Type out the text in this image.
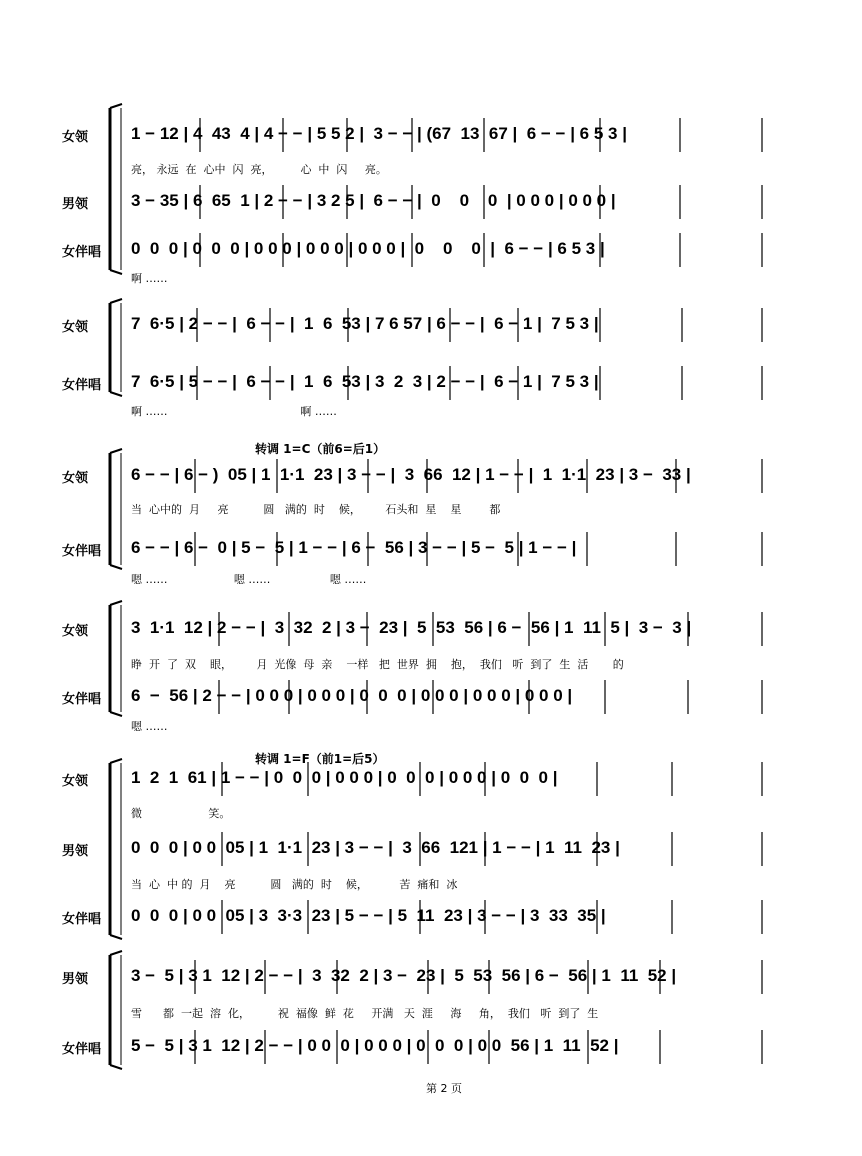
女领	1 − 12 | 4  43  4 | 4 − − | 5 5 2 |  3 − − | (67  13  67 |  6 − − | 6 5 3 |
亮， 永远  在  心中  闪  亮，        心  中  闪     亮。
男领	3 − 35 | 6  65  1 | 2 − − | 3 2 5 |  6 − − |  0    0    0  | 0 0 0 | 0 0 0 |
女伴唱 0  0  0 | 0  0  0 | 0 0 0 | 0 0 0 | 0 0 0 |  0    0    0  |  6 − − | 6 5 3 |
啊 ……
女领	7  6·5 | 2 − − |  6 − − |  1  6  53 | 7 6 57 | 6 − − |  6 − 1 |  7 5 3 |
女伴唱 7  6·5 | 5 − − |  6 − − |  1  6  53 | 3  2  3 | 2 − − |  6 − 1 |  7 5 3 |
啊 ……                                      啊 ……
转调 1=C（前6=后1）
女领	6 − − | 6 − )  05 | 1  1·1  23 | 3 − − |  3  66  12 | 1 − − |  1  1·1  23 | 3 −  33 |
当  心中的  月     亮          圆   满的  时    候，       石头和  星    星        都
女伴唱 6 − − | 6 −  0 | 5 −  5 | 1 − − | 6 −  56 | 3 − − | 5 −  5 | 1 − − |
嗯 ……                   嗯 ……                 嗯 ……
女领	3  1·1  12 | 2 − − |  3  32  2 | 3 −  23 |  5  53  56 | 6 −  56 | 1  11  5 |  3 −  3 |
睁  开  了  双    眼，       月  光像  母  亲    一样   把  世界  拥    抱，  我们   听  到了  生  活       的
女伴唱 6  −  56 | 2 − − | 0 0 0 | 0 0 0 | 0  0  0 | 0 0 0 | 0 0 0 | 0 0 0 |
嗯 ……
转调 1=F（前1=后5）
女领	1  2  1  61 | 1 − − | 0  0  0 | 0 0 0 | 0  0  0 | 0 0 0 | 0  0  0 |
微                   笑。
男领	0  0  0 | 0 0  05 | 1  1·1  23 | 3 − − |  3  66  121 | 1 − − | 1  11  23 |
当  心  中 的  月    亮          圆   满的  时    候，         苦  痛和  冰
女伴唱 0  0  0 | 0 0  05 | 3  3·3  23 | 5 − − | 5  11  23 | 3 − − | 3  33  35 |
男领	3 −  5 | 3 1  12 | 2 − − |  3  32  2 | 3 −  23 |  5  53  56 | 6 −  56 | 1  11  52 |
雪      都  一起  溶  化，        祝  福像  鲜  花     开满   天  涯     海     角，  我们   听  到了  生
女伴唱 5 −  5 | 3 1  12 | 2 − − | 0 0  0 | 0 0 0 | 0  0  0 | 0 0  56 | 1  11  52 |
第 2 页
